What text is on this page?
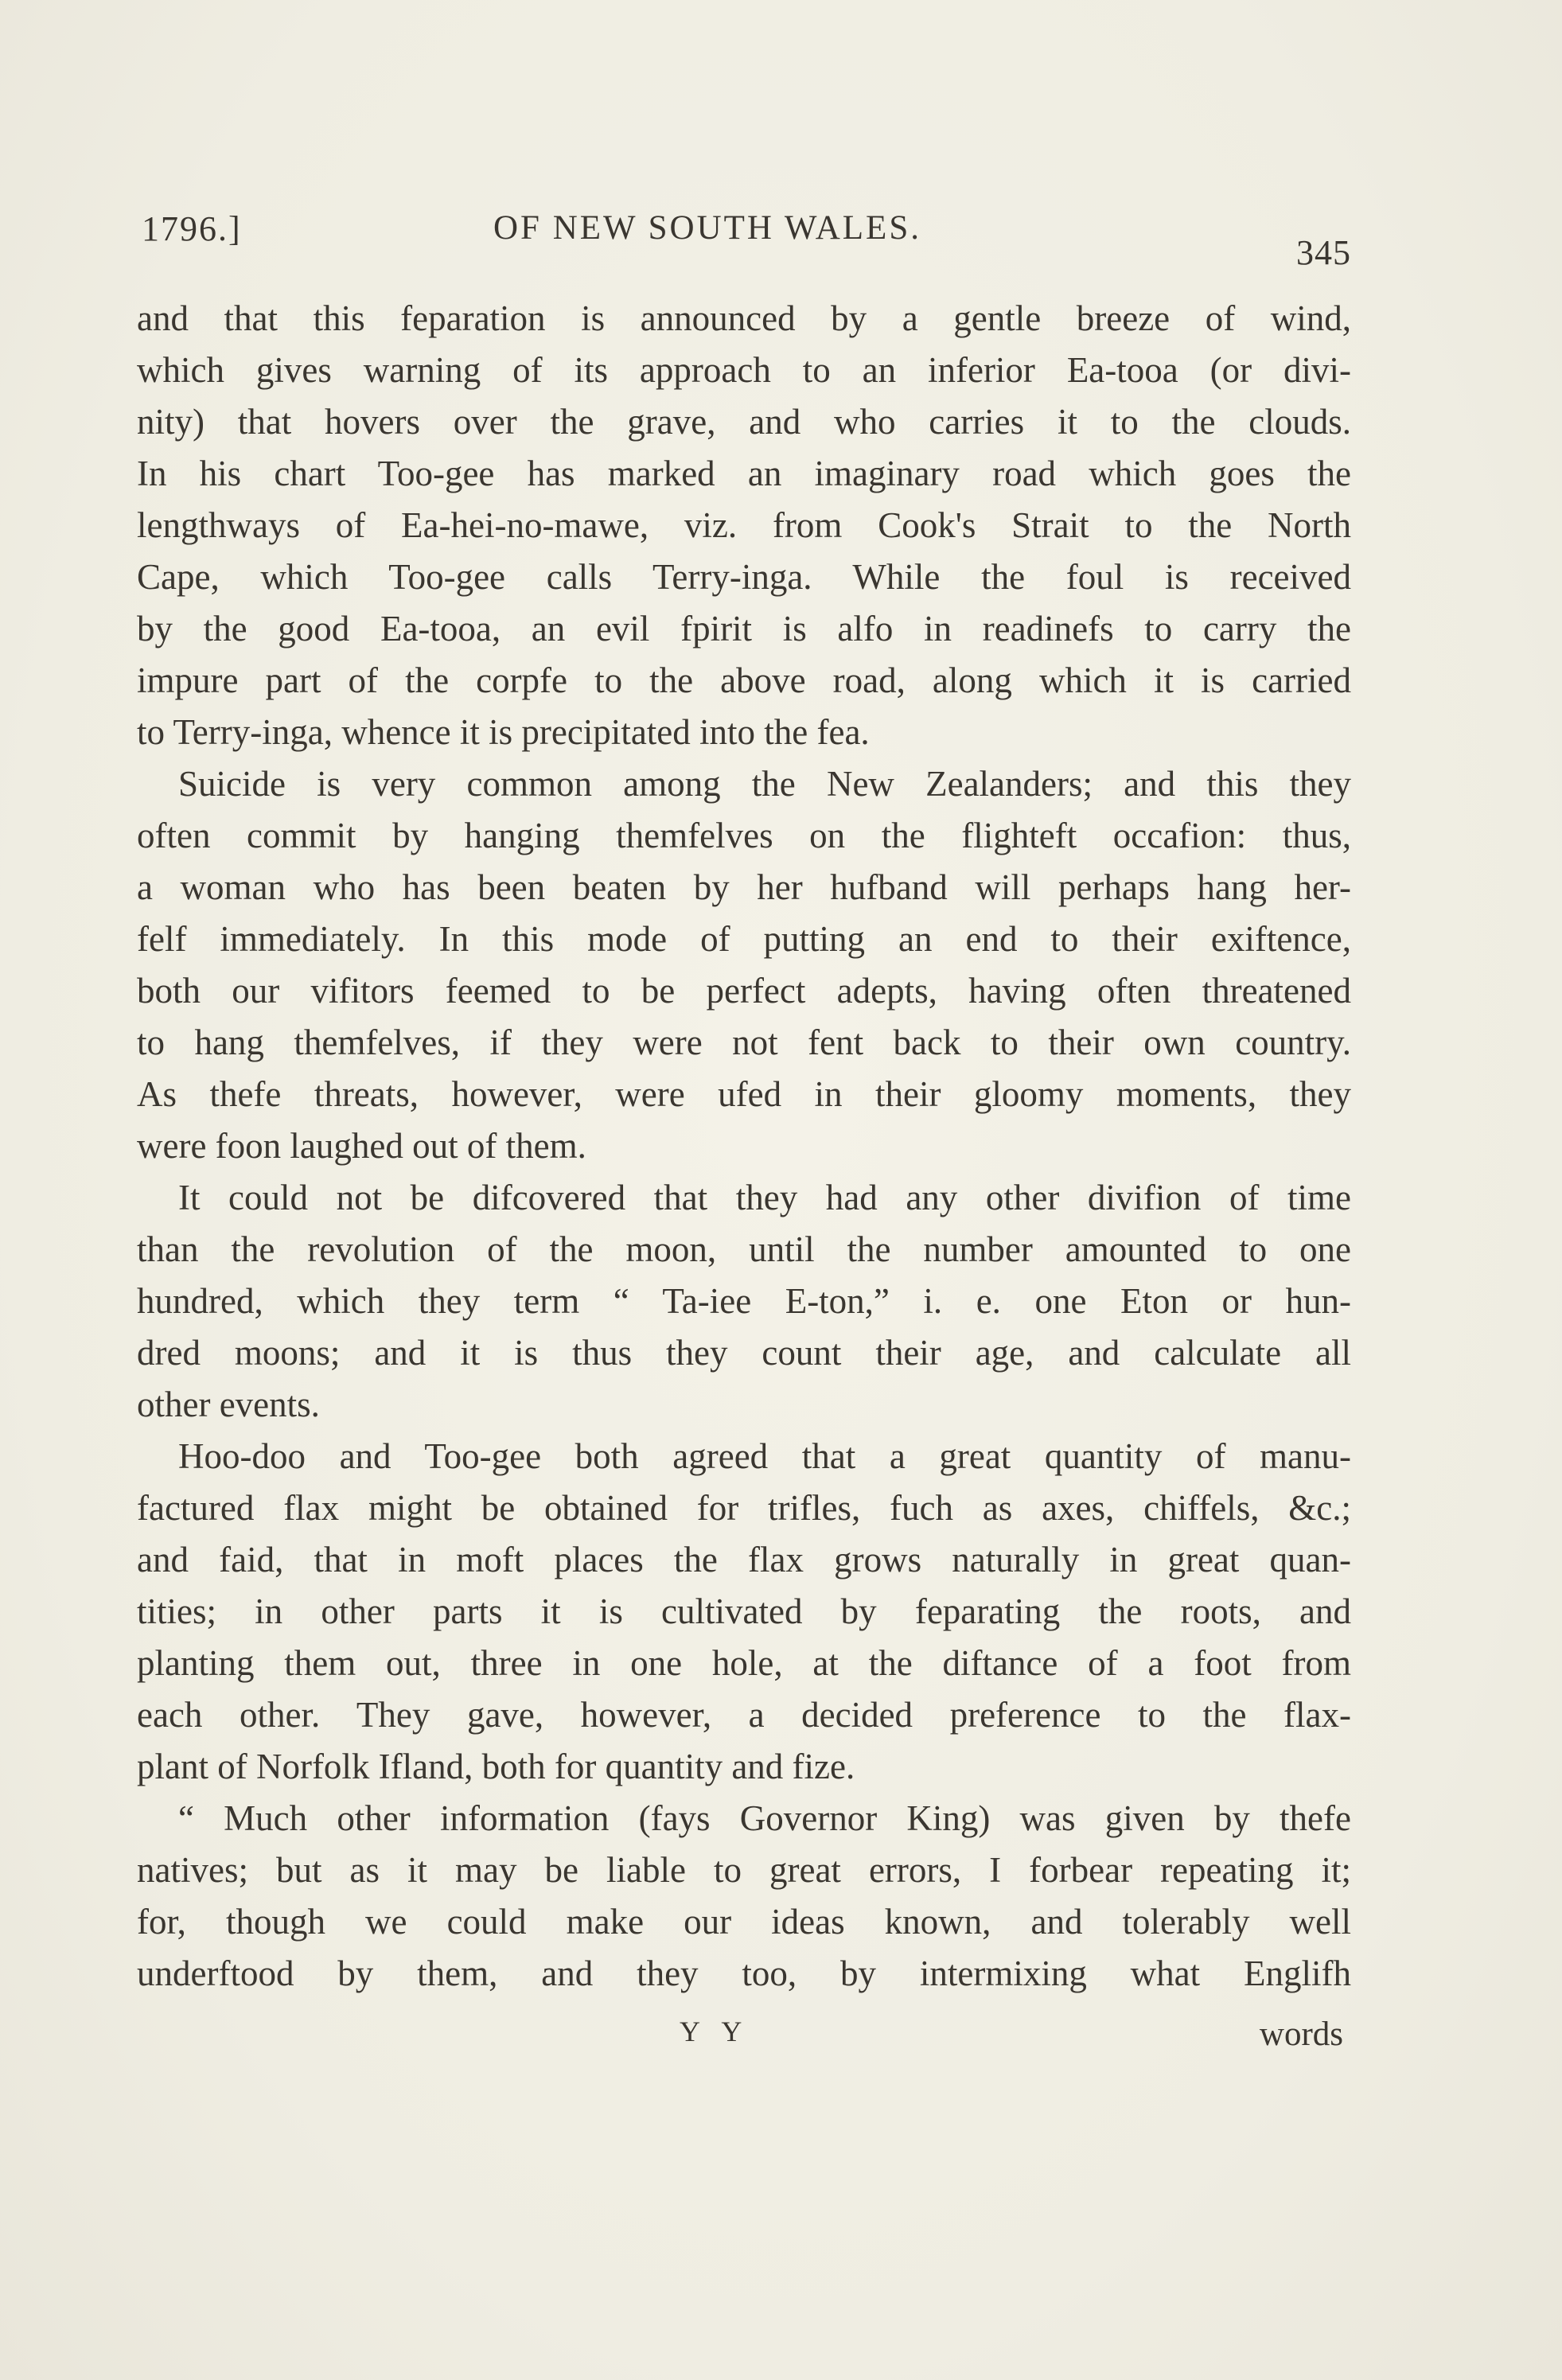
1796.]	OF NEW SOUTH WALES.
345
and that this feparation is announced by a gentle breeze of wind,
which gives warning of its approach to an inferior Ea-tooa (or divi-
nity) that hovers over the grave, and who carries it to the clouds.
In his chart Too-gee has marked an imaginary road which goes the
lengthways of Ea-hei-no-mawe, viz. from Cook's Strait to the North
Cape, which Too-gee calls Terry-inga. While the foul is received
by the good Ea-tooa, an evil fpirit is alfo in readinefs to carry the
impure part of the corpfe to the above road, along which it is carried
to Terry-inga, whence it is precipitated into the fea.
Suicide is very common among the New Zealanders; and this they
often commit by hanging themfelves on the flighteft occafion: thus,
a woman who has been beaten by her hufband will perhaps hang her-
felf immediately. In this mode of putting an end to their exiftence,
both our vifitors feemed to be perfect adepts, having often threatened
to hang themfelves, if they were not fent back to their own country.
As thefe threats, however, were ufed in their gloomy moments, they
were foon laughed out of them.
It could not be difcovered that they had any other divifion of time
than the revolution of the moon, until the number amounted to one
hundred, which they term “ Ta-iee E-ton,” i. e. one Eton or hun-
dred moons; and it is thus they count their age, and calculate all
other events.
Hoo-doo and Too-gee both agreed that a great quantity of manu-
factured flax might be obtained for trifles, fuch as axes, chiffels, &c.;
and faid, that in moft places the flax grows naturally in great quan-
tities; in other parts it is cultivated by feparating the roots, and
planting them out, three in one hole, at the diftance of a foot from
each other. They gave, however, a decided preference to the flax-
plant of Norfolk Ifland, both for quantity and fize.
“ Much other information (fays Governor King) was given by thefe
natives; but as it may be liable to great errors, I forbear repeating it;
for, though we could make our ideas known, and tolerably well
underftood by them, and they too, by intermixing what Englifh
Y Y	words
